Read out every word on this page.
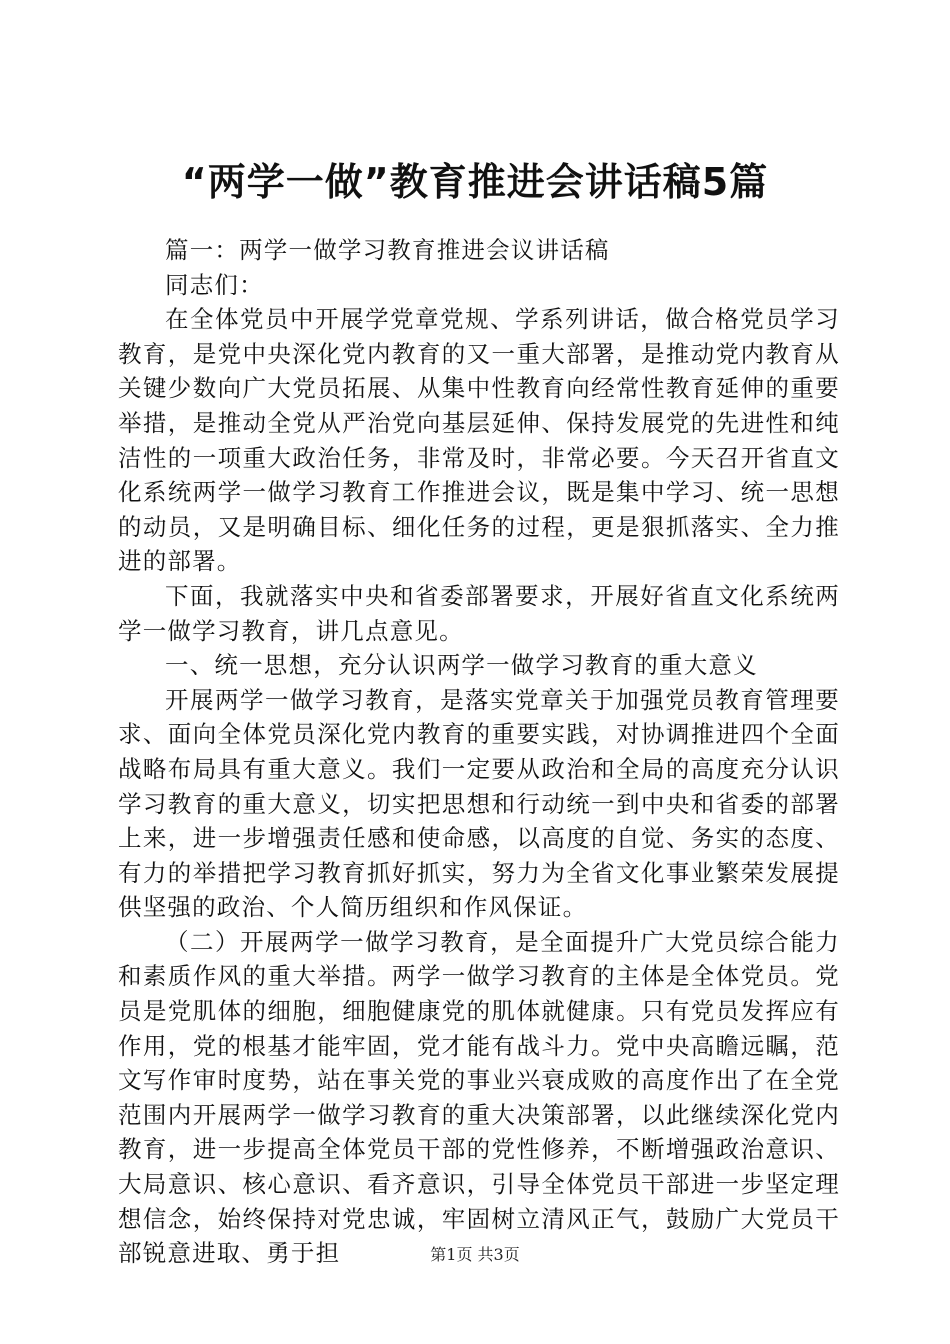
“两学一做”教育推进会讲话稿5篇

篇一：两学一做学习教育推进会议讲话稿

同志们：

在全体党员中开展学党章党规、学系列讲话，做合格党员学习教育，是党中央深化党内教育的又一重大部署，是推动党内教育从关键少数向广大党员拓展、从集中性教育向经常性教育延伸的重要举措，是推动全党从严治党向基层延伸、保持发展党的先进性和纯洁性的一项重大政治任务，非常及时，非常必要。今天召开省直文化系统两学一做学习教育工作推进会议，既是集中学习、统一思想的动员，又是明确目标、细化任务的过程，更是狠抓落实、全力推进的部署。

下面，我就落实中央和省委部署要求，开展好省直文化系统两学一做学习教育，讲几点意见。

一、统一思想，充分认识两学一做学习教育的重大意义

开展两学一做学习教育，是落实党章关于加强党员教育管理要求、面向全体党员深化党内教育的重要实践，对协调推进四个全面战略布局具有重大意义。我们一定要从政治和全局的高度充分认识学习教育的重大意义，切实把思想和行动统一到中央和省委的部署上来，进一步增强责任感和使命感，以高度的自觉、务实的态度、有力的举措把学习教育抓好抓实，努力为全省文化事业繁荣发展提供坚强的政治、个人简历组织和作风保证。

（二）开展两学一做学习教育，是全面提升广大党员综合能力和素质作风的重大举措。两学一做学习教育的主体是全体党员。党员是党肌体的细胞，细胞健康党的肌体就健康。只有党员发挥应有作用，党的根基才能牢固，党才能有战斗力。党中央高瞻远瞩，范文写作审时度势，站在事关党的事业兴衰成败的高度作出了在全党范围内开展两学一做学习教育的重大决策部署，以此继续深化党内教育，进一步提高全体党员干部的党性修养，不断增强政治意识、大局意识、核心意识、看齐意识，引导全体党员干部进一步坚定理想信念，始终保持对党忠诚，牢固树立清风正气，鼓励广大党员干部锐意进取、勇于担	第1页 共3页
